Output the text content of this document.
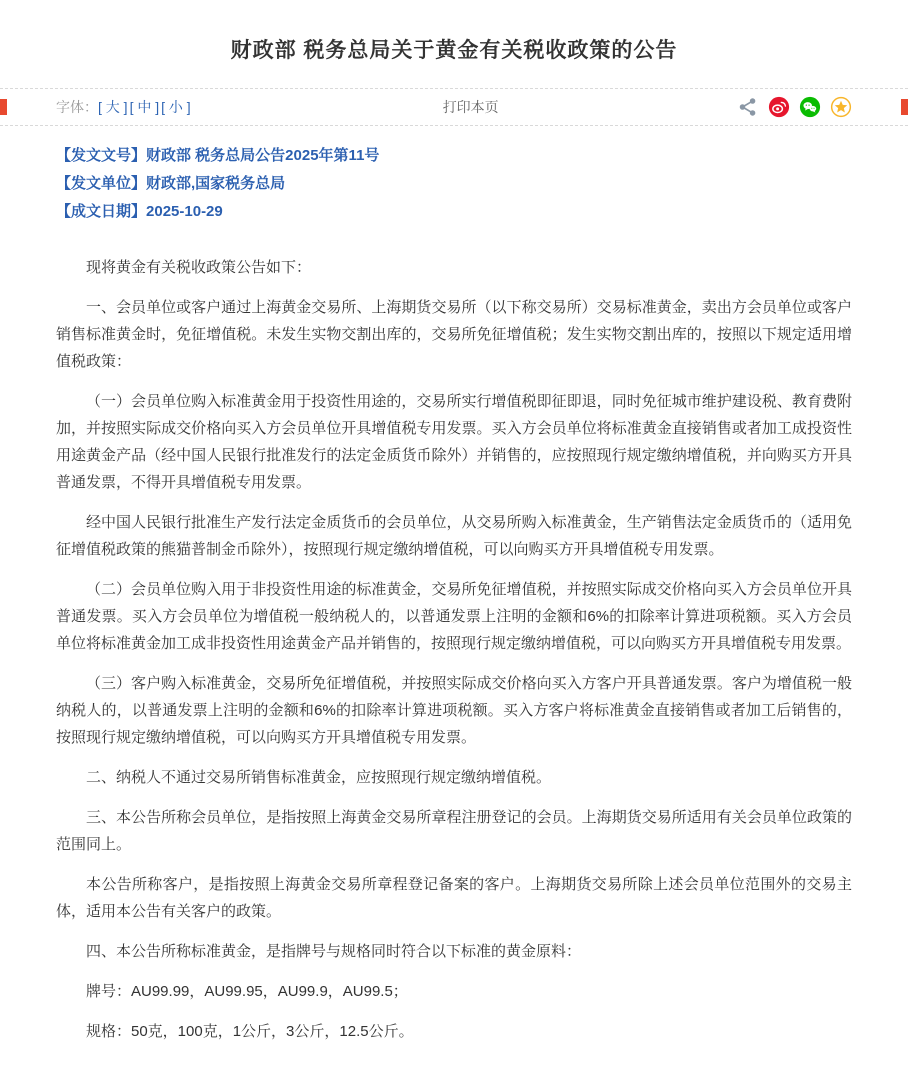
财政部 税务总局关于黄金有关税收政策的公告
字体： [ 大 ] [ 中 ] [ 小 ]	打印本页
【发文文号】财政部 税务总局公告2025年第11号
【发文单位】财政部,国家税务总局
【成文日期】2025-10-29

现将黄金有关税收政策公告如下：

一、会员单位或客户通过上海黄金交易所、上海期货交易所（以下称交易所）交易标准黄金，卖出方会员单位或客户销售标准黄金时，免征增值税。未发生实物交割出库的，交易所免征增值税；发生实物交割出库的，按照以下规定适用增值税政策：

（一）会员单位购入标准黄金用于投资性用途的，交易所实行增值税即征即退，同时免征城市维护建设税、教育费附加，并按照实际成交价格向买入方会员单位开具增值税专用发票。买入方会员单位将标准黄金直接销售或者加工成投资性用途黄金产品（经中国人民银行批准发行的法定金质货币除外）并销售的，应按照现行规定缴纳增值税，并向购买方开具普通发票，不得开具增值税专用发票。

经中国人民银行批准生产发行法定金质货币的会员单位，从交易所购入标准黄金，生产销售法定金质货币的（适用免征增值税政策的熊猫普制金币除外），按照现行规定缴纳增值税，可以向购买方开具增值税专用发票。

（二）会员单位购入用于非投资性用途的标准黄金，交易所免征增值税，并按照实际成交价格向买入方会员单位开具普通发票。买入方会员单位为增值税一般纳税人的，以普通发票上注明的金额和6%的扣除率计算进项税额。买入方会员单位将标准黄金加工成非投资性用途黄金产品并销售的，按照现行规定缴纳增值税，可以向购买方开具增值税专用发票。

（三）客户购入标准黄金，交易所免征增值税，并按照实际成交价格向买入方客户开具普通发票。客户为增值税一般纳税人的，以普通发票上注明的金额和6%的扣除率计算进项税额。买入方客户将标准黄金直接销售或者加工后销售的，按照现行规定缴纳增值税，可以向购买方开具增值税专用发票。

二、纳税人不通过交易所销售标准黄金，应按照现行规定缴纳增值税。

三、本公告所称会员单位，是指按照上海黄金交易所章程注册登记的会员。上海期货交易所适用有关会员单位政策的范围同上。

本公告所称客户，是指按照上海黄金交易所章程登记备案的客户。上海期货交易所除上述会员单位范围外的交易主体，适用本公告有关客户的政策。

四、本公告所称标准黄金，是指牌号与规格同时符合以下标准的黄金原料：

牌号：AU99.99，AU99.95，AU99.9，AU99.5；

规格：50克，100克，1公斤，3公斤，12.5公斤。
